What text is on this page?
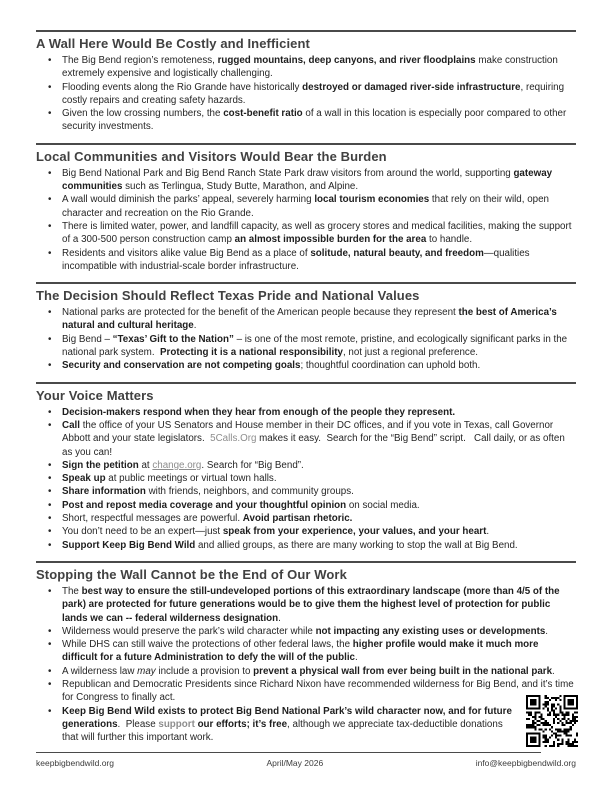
A Wall Here Would Be Costly and Inefficient
• The Big Bend region’s remoteness, rugged mountains, deep canyons, and river floodplains make construction extremely expensive and logistically challenging.
• Flooding events along the Rio Grande have historically destroyed or damaged river-side infrastructure, requiring costly repairs and creating safety hazards.
• Given the low crossing numbers, the cost-benefit ratio of a wall in this location is especially poor compared to other security investments.
Local Communities and Visitors Would Bear the Burden
• Big Bend National Park and Big Bend Ranch State Park draw visitors from around the world, supporting gateway communities such as Terlingua, Study Butte, Marathon, and Alpine.
• A wall would diminish the parks’ appeal, severely harming local tourism economies that rely on their wild, open character and recreation on the Rio Grande.
• There is limited water, power, and landfill capacity, as well as grocery stores and medical facilities, making the support of a 300-500 person construction camp an almost impossible burden for the area to handle.
• Residents and visitors alike value Big Bend as a place of solitude, natural beauty, and freedom—qualities incompatible with industrial-scale border infrastructure.
The Decision Should Reflect Texas Pride and National Values
• National parks are protected for the benefit of the American people because they represent the best of America’s natural and cultural heritage.
• Big Bend – “Texas’ Gift to the Nation” – is one of the most remote, pristine, and ecologically significant parks in the national park system.  Protecting it is a national responsibility, not just a regional preference.
• Security and conservation are not competing goals; thoughtful coordination can uphold both.
Your Voice Matters
• Decision-makers respond when they hear from enough of the people they represent.
• Call the office of your US Senators and House member in their DC offices, and if you vote in Texas, call Governor Abbott and your state legislators.  5Calls.Org makes it easy.  Search for the “Big Bend” script.   Call daily, or as often as you can!
• Sign the petition at change.org. Search for “Big Bend”.
• Speak up at public meetings or virtual town halls.
• Share information with friends, neighbors, and community groups.
• Post and repost media coverage and your thoughtful opinion on social media.
• Short, respectful messages are powerful. Avoid partisan rhetoric.
• You don’t need to be an expert—just speak from your experience, your values, and your heart.
• Support Keep Big Bend Wild and allied groups, as there are many working to stop the wall at Big Bend.
Stopping the Wall Cannot be the End of Our Work
• The best way to ensure the still-undeveloped portions of this extraordinary landscape (more than 4/5 of the park) are protected for future generations would be to give them the highest level of protection for public lands we can -- federal wilderness designation.
• Wilderness would preserve the park’s wild character while not impacting any existing uses or developments.
• While DHS can still waive the protections of other federal laws, the higher profile would make it much more difficult for a future Administration to defy the will of the public.
• A wilderness law may include a provision to prevent a physical wall from ever being built in the national park.
• Republican and Democratic Presidents since Richard Nixon have recommended wilderness for Big Bend, and it’s time for Congress to finally act.
• Keep Big Bend Wild exists to protect Big Bend National Park’s wild character now, and for future generations.  Please support our efforts; it’s free, although we appreciate tax-deductible donations that will further this important work.
keepbigbendwild.org	April/May 2026	info@keepbigbendwild.org
